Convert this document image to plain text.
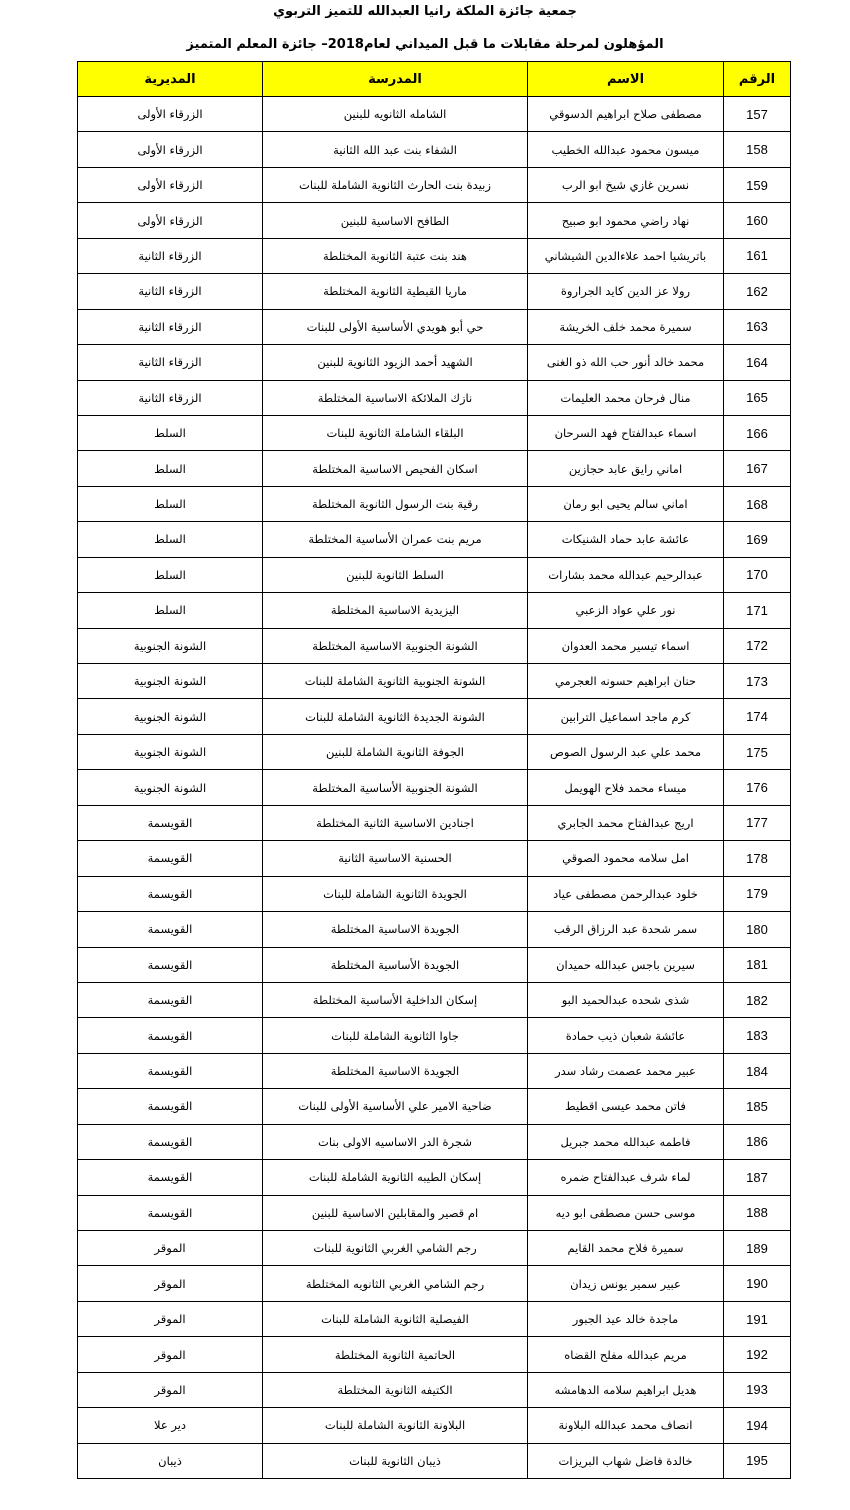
جمعية جائزة الملكة رانيا العبدالله للتميز التربوي
المؤهلون لمرحلة مقابلات ما قبل الميداني لعام2018– جائزة المعلم المتميز
الرقم	الاسم	المدرسة	المديرية
157	مصطفى صلاح ابراهيم الدسوقي	الشامله الثانويه للبنين	الزرقاء الأولى
158	ميسون محمود عبدالله الخطيب	الشفاء بنت عبد الله الثانية	الزرقاء الأولى
159	نسرين غازي شيخ ابو الرب	زبيدة بنت الحارث الثانوية الشاملة للبنات	الزرقاء الأولى
160	نهاد راضي محمود ابو صبيح	الطافح الاساسية للبنين	الزرقاء الأولى
161	باتريشيا احمد علاءالدين الشيشاني	هند بنت عتبة الثانوية المختلطة	الزرقاء الثانية
162	رولا عز الدين كايد الجراروة	ماريا القبطية الثانوية المختلطة	الزرقاء الثانية
163	سميرة محمد خلف الخريشة	حي أبو هويدي الأساسية الأولى للبنات	الزرقاء الثانية
164	محمد خالد أنور حب الله ذو الغنى	الشهيد أحمد الزيود الثانوية للبنين	الزرقاء الثانية
165	منال فرحان محمد العليمات	نازك الملائكة الاساسية المختلطة	الزرقاء الثانية
166	اسماء عبدالفتاح فهد السرحان	البلقاء الشاملة الثانوية للبنات	السلط
167	اماني رايق عابد حجازين	اسكان الفحيص الاساسية المختلطة	السلط
168	اماني سالم يحيى ابو رمان	رقية بنت الرسول الثانوية المختلطة	السلط
169	عائشة عابد حماد الشنيكات	مريم بنت عمران الأساسية المختلطة	السلط
170	عبدالرحيم عبدالله محمد بشارات	السلط الثانوية للبنين	السلط
171	نور علي عواد الزعبي	اليزيدية الاساسية المختلطة	السلط
172	اسماء تيسير محمد العدوان	الشونة الجنوبية الاساسية المختلطة	الشونة الجنوبية
173	حنان ابراهيم حسونه العجرمي	الشونة الجنوبية الثانوية الشاملة للبنات	الشونة الجنوبية
174	كرم ماجد اسماعيل الترابين	الشونة الجديدة الثانوية الشاملة للبنات	الشونة الجنوبية
175	محمد علي عبد الرسول الصوص	الجوفة الثانوية الشاملة للبنين	الشونة الجنوبية
176	ميساء محمد فلاح الهويمل	الشونة الجنوبية الأساسية المختلطة	الشونة الجنوبية
177	اريج عبدالفتاح محمد الجابري	اجنادين الاساسية الثانية المختلطة	القويسمة
178	امل سلامه محمود الصوقي	الحسنية الاساسية الثانية	القويسمة
179	خلود عبدالرحمن مصطفى عياد	الجويدة الثانوية الشاملة للبنات	القويسمة
180	سمر شحدة عبد الرزاق الرقب	الجويدة الاساسية المختلطة	القويسمة
181	سيرين باجس عبدالله حميدان	الجويدة الأساسية المختلطة	القويسمة
182	شذى شحده عبدالحميد البو	إسكان الداخلية الأساسية المختلطة	القويسمة
183	عائشة شعبان ذيب حمادة	جاوا الثانوية الشاملة للبنات	القويسمة
184	عبير محمد عصمت رشاد سدر	الجويدة الاساسية المختلطة	القويسمة
185	فاتن محمد عيسى اقطيط	ضاحية الامير علي الأساسية الأولى للبنات	القويسمة
186	فاطمه عبدالله محمد جبريل	شجرة الدر الاساسيه الاولى بنات	القويسمة
187	لماء شرف عبدالفتاح ضمره	إسكان الطيبه الثانوية الشاملة للبنات	القويسمة
188	موسى حسن مصطفى ابو ديه	ام قصير والمقابلين الاساسية للبنين	القويسمة
189	سميرة فلاح محمد القايم	رجم الشامي الغربي الثانوية للبنات	الموقر
190	عبير سمير يونس زيدان	رجم الشامي الغربي الثانويه المختلطة	الموقر
191	ماجدة خالد عيد الجبور	الفيصلية الثانوية الشاملة للبنات	الموقر
192	مريم عبدالله مفلح القضاه	الحاتمية الثانوية المختلطة	الموقر
193	هديل ابراهيم سلامه الدهامشه	الكتيفه الثانوية المختلطة	الموقر
194	انصاف محمد عبدالله البلاونة	البلاونة الثانوية الشاملة للبنات	دير علا
195	خالدة فاضل شهاب البريزات	ذيبان الثانوية للبنات	ذيبان
